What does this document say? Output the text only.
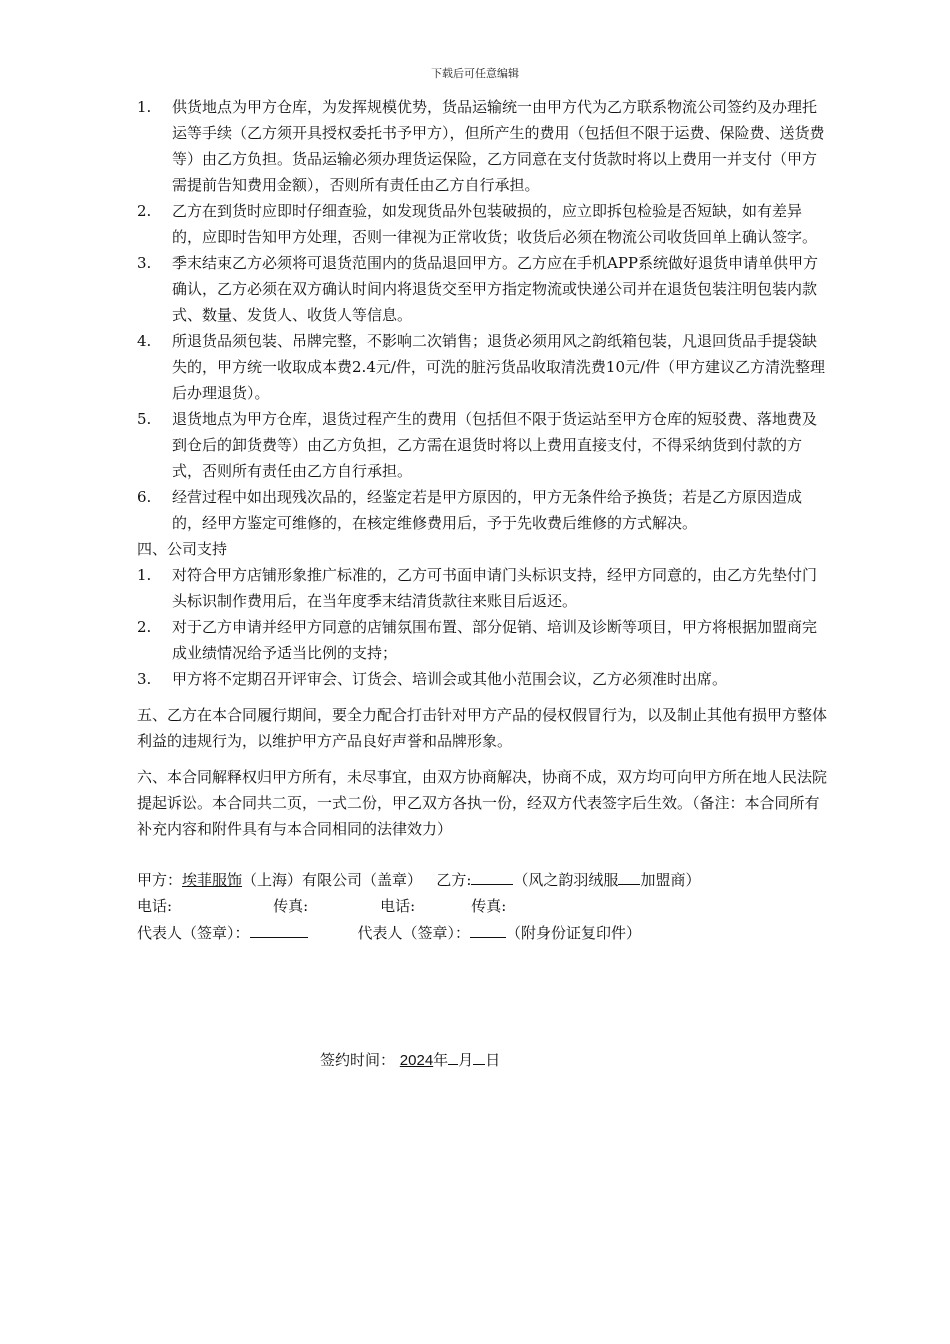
下载后可任意编辑
1. 供货地点为甲方仓库，为发挥规模优势，货品运输统一由甲方代为乙方联系物流公司签约及办理托运等手续（乙方须开具授权委托书予甲方），但所产生的费用（包括但不限于运费、保险费、送货费等）由乙方负担。货品运输必须办理货运保险，乙方同意在支付货款时将以上费用一并支付（甲方需提前告知费用金额），否则所有责任由乙方自行承担。
2. 乙方在到货时应即时仔细查验，如发现货品外包装破损的，应立即拆包检验是否短缺，如有差异的，应即时告知甲方处理，否则一律视为正常收货；收货后必须在物流公司收货回单上确认签字。
3. 季末结束乙方必须将可退货范围内的货品退回甲方。乙方应在手机APP系统做好退货申请单供甲方确认，乙方必须在双方确认时间内将退货交至甲方指定物流或快递公司并在退货包装注明包装内款式、数量、发货人、收货人等信息。
4. 所退货品须包装、吊牌完整，不影响二次销售；退货必须用风之韵纸箱包装，凡退回货品手提袋缺失的，甲方统一收取成本费2.4元/件，可洗的脏污货品收取清洗费10元/件（甲方建议乙方清洗整理后办理退货）。
5. 退货地点为甲方仓库，退货过程产生的费用（包括但不限于货运站至甲方仓库的短驳费、落地费及到仓后的卸货费等）由乙方负担，乙方需在退货时将以上费用直接支付，不得采纳货到付款的方式，否则所有责任由乙方自行承担。
6. 经营过程中如出现残次品的，经鉴定若是甲方原因的，甲方无条件给予换货；若是乙方原因造成的，经甲方鉴定可维修的，在核定维修费用后，予于先收费后维修的方式解决。
四、公司支持
1. 对符合甲方店铺形象推广标准的，乙方可书面申请门头标识支持，经甲方同意的，由乙方先垫付门头标识制作费用后，在当年度季末结清货款往来账目后返还。
2. 对于乙方申请并经甲方同意的店铺氛围布置、部分促销、培训及诊断等项目，甲方将根据加盟商完成业绩情况给予适当比例的支持；
3. 甲方将不定期召开评审会、订货会、培训会或其他小范围会议，乙方必须准时出席。
五、乙方在本合同履行期间，要全力配合打击针对甲方产品的侵权假冒行为，以及制止其他有损甲方整体利益的违规行为，以维护甲方产品良好声誉和品牌形象。
六、本合同解释权归甲方所有，未尽事宜，由双方协商解决，协商不成，双方均可向甲方所在地人民法院提起诉讼。本合同共二页，一式二份，甲乙双方各执一份，经双方代表签字后生效。（备注：本合同所有补充内容和附件具有与本合同相同的法律效力）
甲方：埃菲服饰（上海）有限公司（盖章） 乙方:	（风之韵羽绒服 加盟商）
电话:	传真:	电话:	传真:
代表人（签章）：	代表人（签章）： （附身份证复印件）
签约时间： 2024年 月 日
